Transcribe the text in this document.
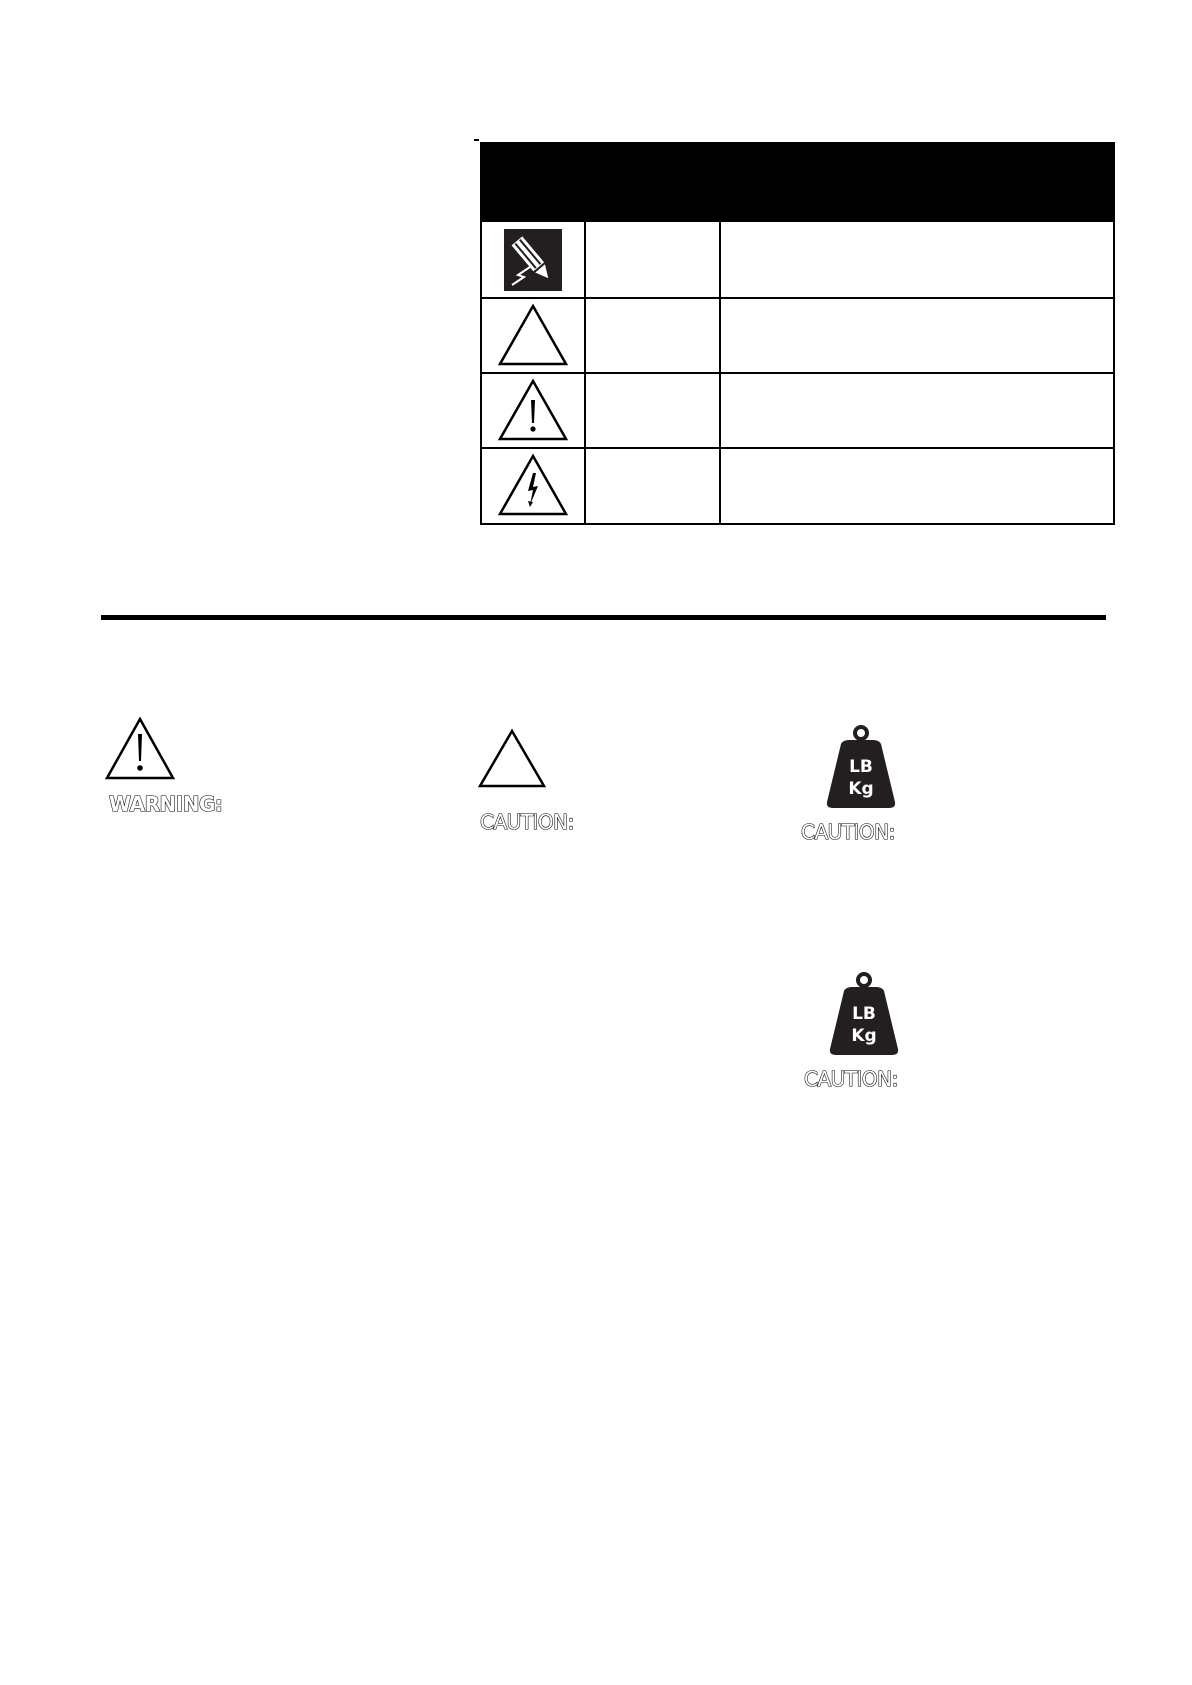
WARNING:
CAUTION:
LB
Kg
CAUTION:
LB
Kg
CAUTION:
